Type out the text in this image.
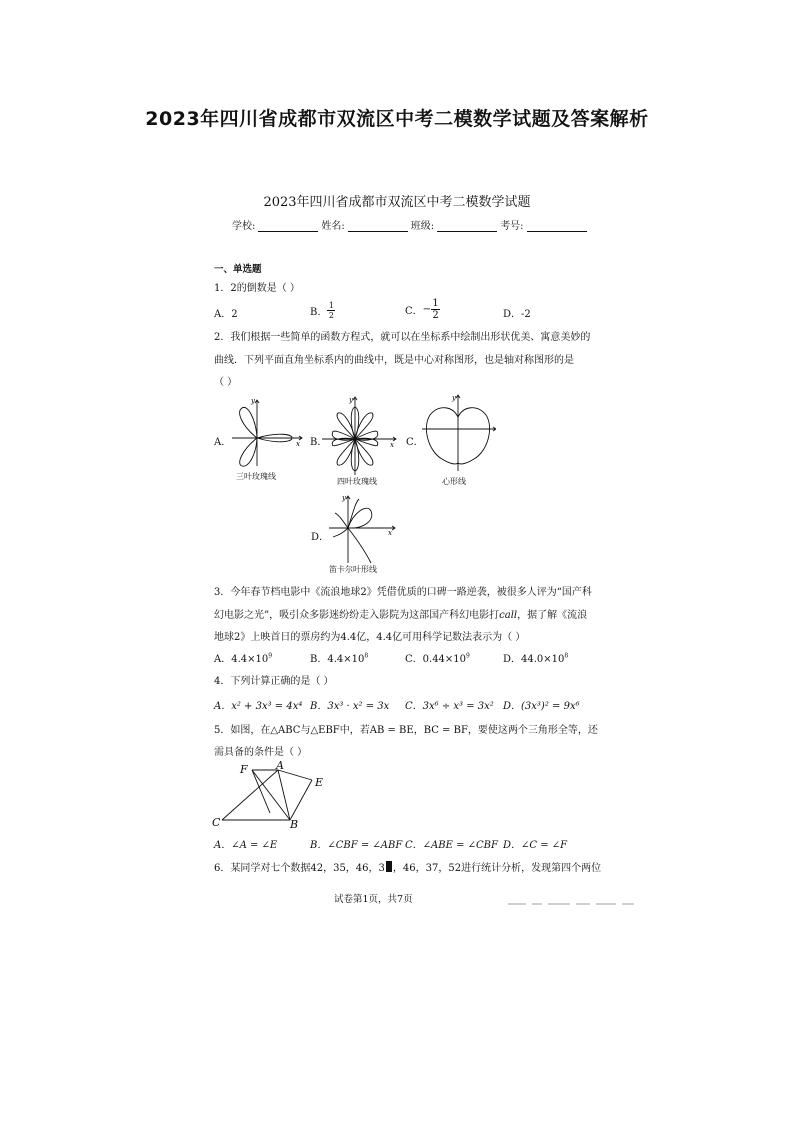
2023年四川省成都市双流区中考二模数学试题及答案解析
2023年四川省成都市双流区中考二模数学试题
学校:	姓名:	班级:	考号:
一、单选题
1．2的倒数是（ ）
A．2	B． $\frac{1}{2}$	C． − $\frac{1}{2}$	D．-2
2．我们根据一些简单的函数方程式，就可以在坐标系中绘制出形状优美、寓意美妙的
曲线．下列平面直角坐标系内的曲线中，既是中心对称图形，也是轴对称图形的是
（ ）
A．	B．	C．
D．
y
x
三叶玫瑰线
y
x
四叶玫瑰线
y
心形线
y
x
笛卡尔叶形线
3．今年春节档电影中《流浪地球2》凭借优质的口碑一路逆袭，被很多人评为“国产科
幻电影之光”，吸引众多影迷纷纷走入影院为这部国产科幻电影打call，据了解《流浪
地球2》上映首日的票房约为4.4亿，4.4亿可用科学记数法表示为（ ）
A．$4.4\times 10^9$	B．$4.4\times 10^8$	C．$0.44\times 10^9$	D．$44.0\times 10^8$
4．下列计算正确的是（ ）
A．x² + 3x³ = 4x⁴ B．3x³ · x² = 3x C．3x⁶ ÷ x³ = 3x² D．(3x³)² = 9x⁶
5．如图，在△ABC与△EBF中，若AB = BE，BC = BF，要使这两个三角形全等，还
需具备的条件是（ ）
F	A
E
C	B
A．∠A = ∠E	B．∠CBF = ∠ABF C．∠ABE = ∠CBF D．∠C = ∠F
6．某同学对七个数据42，35，46，3 ，46，37，52进行统计分析，发现第四个两位
试卷第1页，共7页
